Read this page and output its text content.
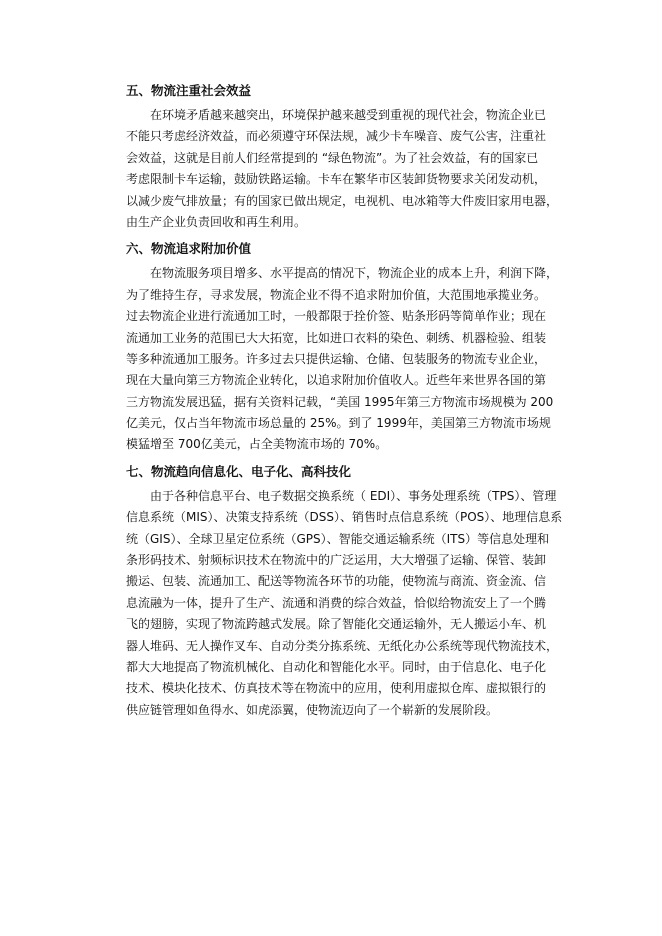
五、物流注重社会效益
在环境矛盾越来越突出，环境保护越来越受到重视的现代社会，物流企业已
不能只考虑经济效益，而必须遵守环保法规，减少卡车噪音、废气公害，注重社
会效益，这就是目前人们经常提到的 “绿色物流”。为了社会效益，有的国家已
考虑限制卡车运输，鼓励铁路运输。卡车在繁华市区装卸货物要求关闭发动机，
以减少废气排放量；有的国家已做出规定，电视机、电冰箱等大件废旧家用电器，
由生产企业负责回收和再生利用。
六、物流追求附加价值
在物流服务项目增多、水平提高的情况下，物流企业的成本上升，利润下降，
为了维持生存，寻求发展，物流企业不得不追求附加价值，大范围地承揽业务。
过去物流企业进行流通加工时，一般都限于拴价签、贴条形码等简单作业；现在
流通加工业务的范围已大大拓宽，比如进口衣料的染色、刺绣、机器检验、组装
等多种流通加工服务。许多过去只提供运输、仓储、包装服务的物流专业企业，
现在大量向第三方物流企业转化，以追求附加价值收人。近些年来世界各国的第
三方物流发展迅猛，据有关资料记载，“美国 1995年第三方物流市场规模为 200
亿美元，仅占当年物流市场总量的 25%。到了 1999年，美国第三方物流市场规
模猛增至 700亿美元，占全美物流市场的 70%。
七、物流趋向信息化、电子化、高科技化
由于各种信息平台、电子数据交换系统（ EDI）、事务处理系统（TPS）、管理
信息系统（MIS）、决策支持系统（DSS）、销售时点信息系统（POS）、地理信息系
统（GIS）、全球卫星定位系统（GPS）、智能交通运输系统（ITS）等信息处理和
条形码技术、射频标识技术在物流中的广泛运用，大大增强了运输、保管、装卸
搬运、包装、流通加工、配送等物流各环节的功能，使物流与商流、资金流、信
息流融为一体，提升了生产、流通和消费的综合效益，恰似给物流安上了一个腾
飞的翅膀，实现了物流跨越式发展。除了智能化交通运输外，无人搬运小车、机
器人堆码、无人操作叉车、自动分类分拣系统、无纸化办公系统等现代物流技术，
都大大地提高了物流机械化、自动化和智能化水平。同时，由于信息化、电子化
技术、模块化技术、仿真技术等在物流中的应用，使利用虚拟仓库、虚拟银行的
供应链管理如鱼得水、如虎添翼，使物流迈向了一个崭新的发展阶段。
